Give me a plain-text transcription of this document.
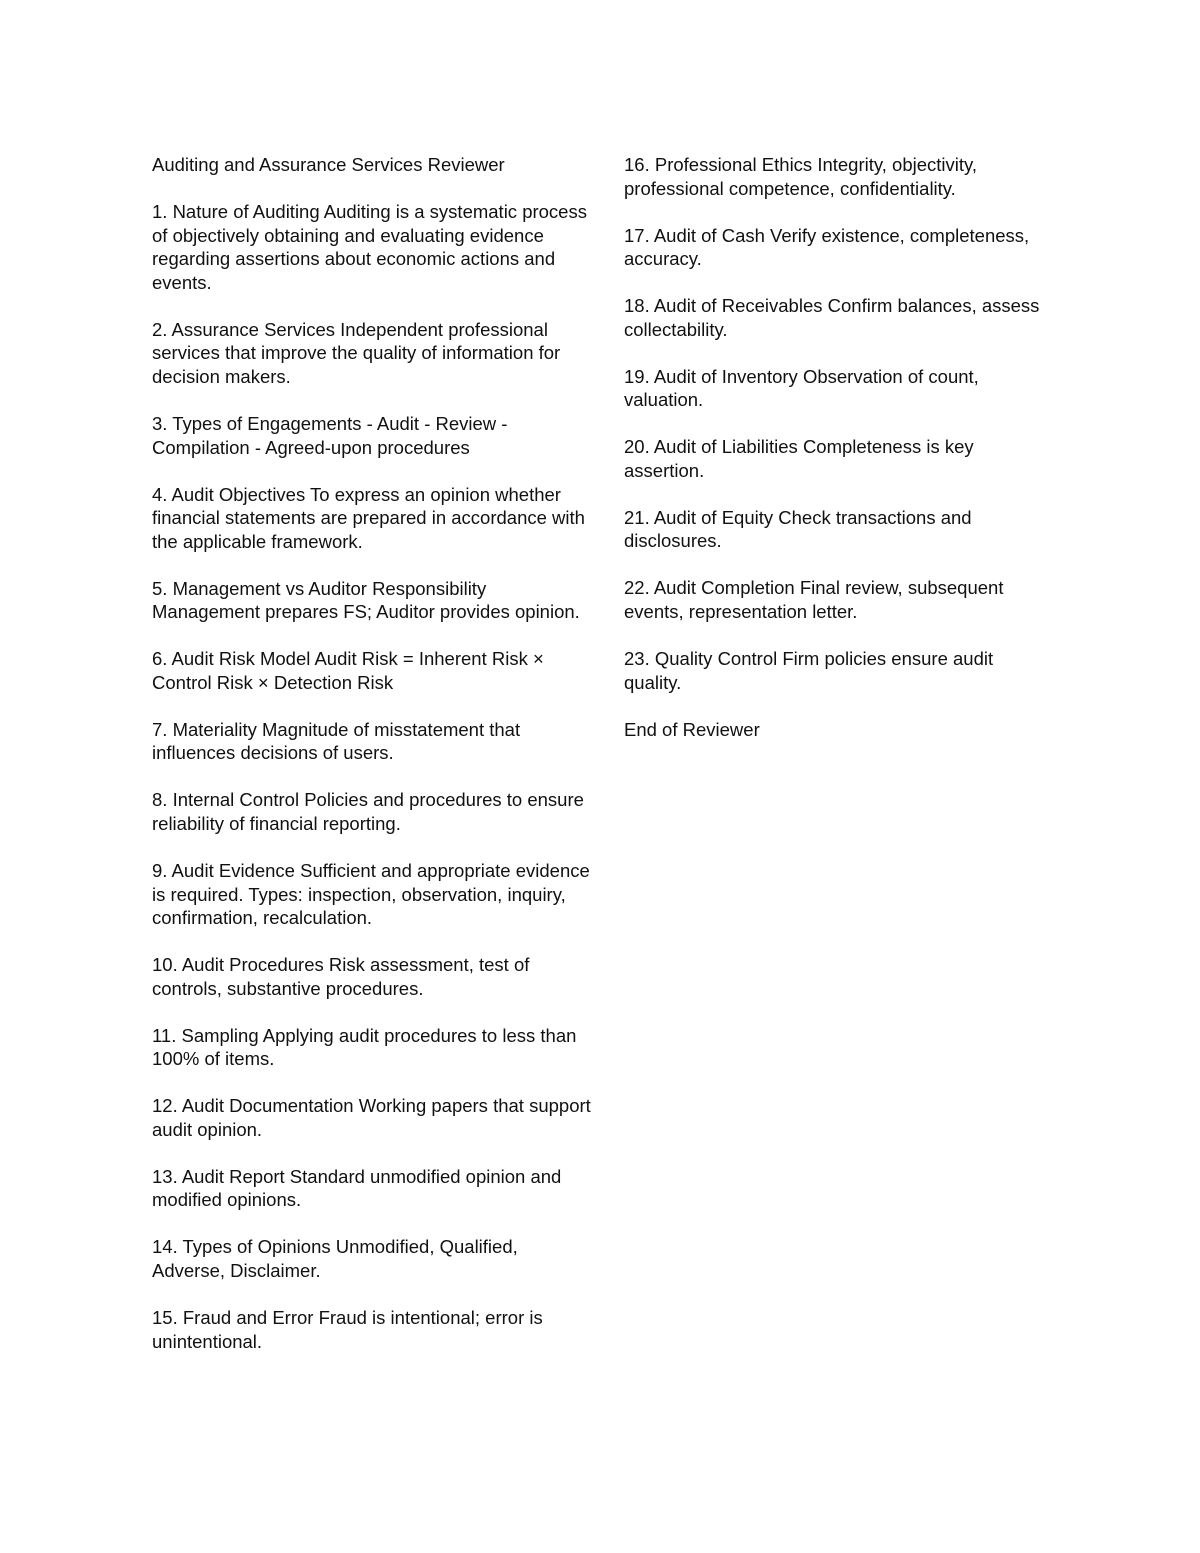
Auditing and Assurance Services Reviewer

1. Nature of Auditing Auditing is a systematic process of objectively obtaining and evaluating evidence regarding assertions about economic actions and events.

2. Assurance Services Independent professional services that improve the quality of information for decision makers.

3. Types of Engagements - Audit - Review - Compilation - Agreed-upon procedures

4. Audit Objectives To express an opinion whether financial statements are prepared in accordance with the applicable framework.

5. Management vs Auditor Responsibility Management prepares FS; Auditor provides opinion.

6. Audit Risk Model Audit Risk = Inherent Risk × Control Risk × Detection Risk

7. Materiality Magnitude of misstatement that influences decisions of users.

8. Internal Control Policies and procedures to ensure reliability of financial reporting.

9. Audit Evidence Sufficient and appropriate evidence is required. Types: inspection, observation, inquiry, confirmation, recalculation.

10. Audit Procedures Risk assessment, test of controls, substantive procedures.

11. Sampling Applying audit procedures to less than 100% of items.

12. Audit Documentation Working papers that support audit opinion.

13. Audit Report Standard unmodified opinion and modified opinions.

14. Types of Opinions Unmodified, Qualified, Adverse, Disclaimer.

15. Fraud and Error Fraud is intentional; error is unintentional.

16. Professional Ethics Integrity, objectivity, professional competence, confidentiality.

17. Audit of Cash Verify existence, completeness, accuracy.

18. Audit of Receivables Confirm balances, assess collectability.

19. Audit of Inventory Observation of count, valuation.

20. Audit of Liabilities Completeness is key assertion.

21. Audit of Equity Check transactions and disclosures.

22. Audit Completion Final review, subsequent events, representation letter.

23. Quality Control Firm policies ensure audit quality.

End of Reviewer
